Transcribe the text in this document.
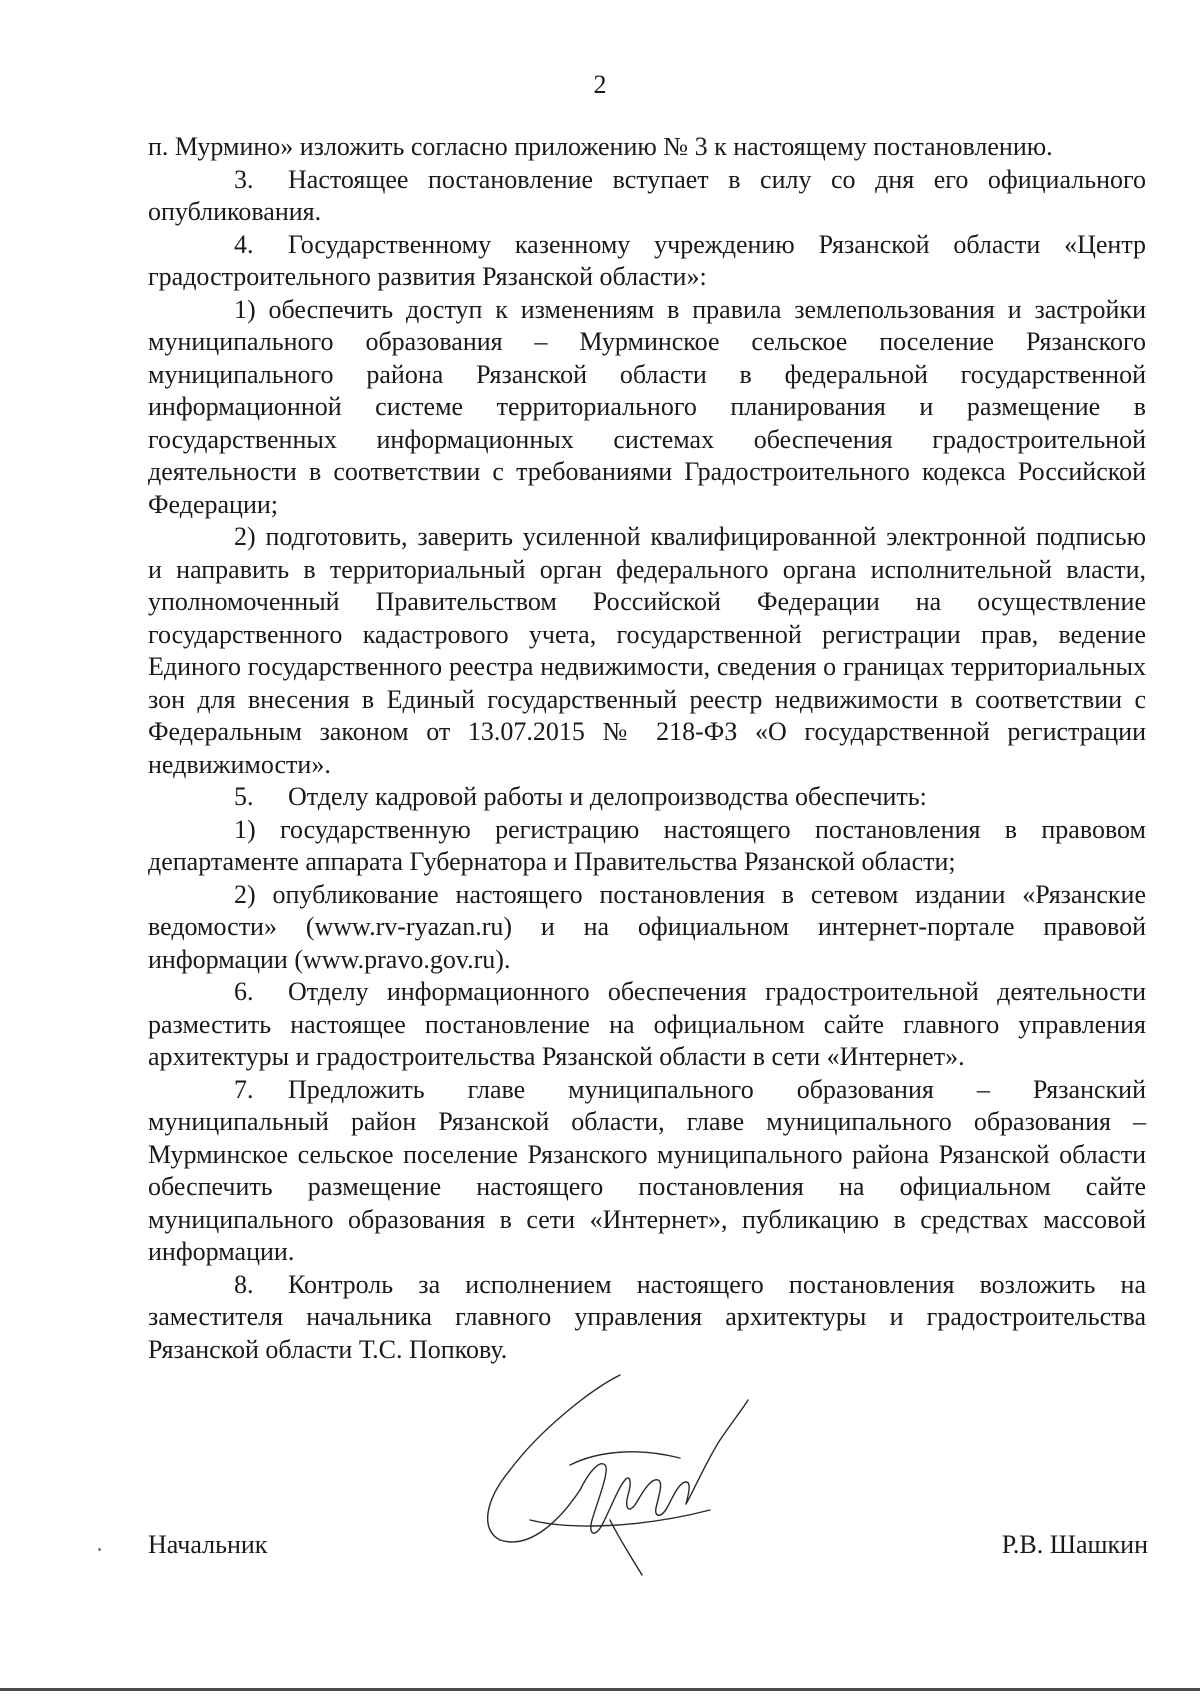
2

п. Мурмино» изложить согласно приложению № 3 к настоящему постановлению.

3. Настоящее постановление вступает в силу со дня его официального опубликования.

4. Государственному казенному учреждению Рязанской области «Центр градостроительного развития Рязанской области»:

1) обеспечить доступ к изменениям в правила землепользования и застройки муниципального образования – Мурминское сельское поселение Рязанского муниципального района Рязанской области в федеральной государственной информационной системе территориального планирования и размещение в государственных информационных системах обеспечения градостроительной деятельности в соответствии с требованиями Градостроительного кодекса Российской Федерации;

2) подготовить, заверить усиленной квалифицированной электронной подписью и направить в территориальный орган федерального органа исполнительной власти, уполномоченный Правительством Российской Федерации на осуществление государственного кадастрового учета, государственной регистрации прав, ведение Единого государственного реестра недвижимости, сведения о границах территориальных зон для внесения в Единый государственный реестр недвижимости в соответствии с Федеральным законом от 13.07.2015 № 218-ФЗ «О государственной регистрации недвижимости».

5. Отделу кадровой работы и делопроизводства обеспечить:

1) государственную регистрацию настоящего постановления в правовом департаменте аппарата Губернатора и Правительства Рязанской области;

2) опубликование настоящего постановления в сетевом издании «Рязанские ведомости» (www.rv-ryazan.ru) и на официальном интернет-портале правовой информации (www.pravo.gov.ru).

6. Отделу информационного обеспечения градостроительной деятельности разместить настоящее постановление на официальном сайте главного управления архитектуры и градостроительства Рязанской области в сети «Интернет».

7. Предложить главе муниципального образования – Рязанский муниципальный район Рязанской области, главе муниципального образования – Мурминское сельское поселение Рязанского муниципального района Рязанской области обеспечить размещение настоящего постановления на официальном сайте муниципального образования в сети «Интернет», публикацию в средствах массовой информации.

8. Контроль за исполнением настоящего постановления возложить на заместителя начальника главного управления архитектуры и градостроительства Рязанской области Т.С. Попкову.

Начальник	Р.В. Шашкин
